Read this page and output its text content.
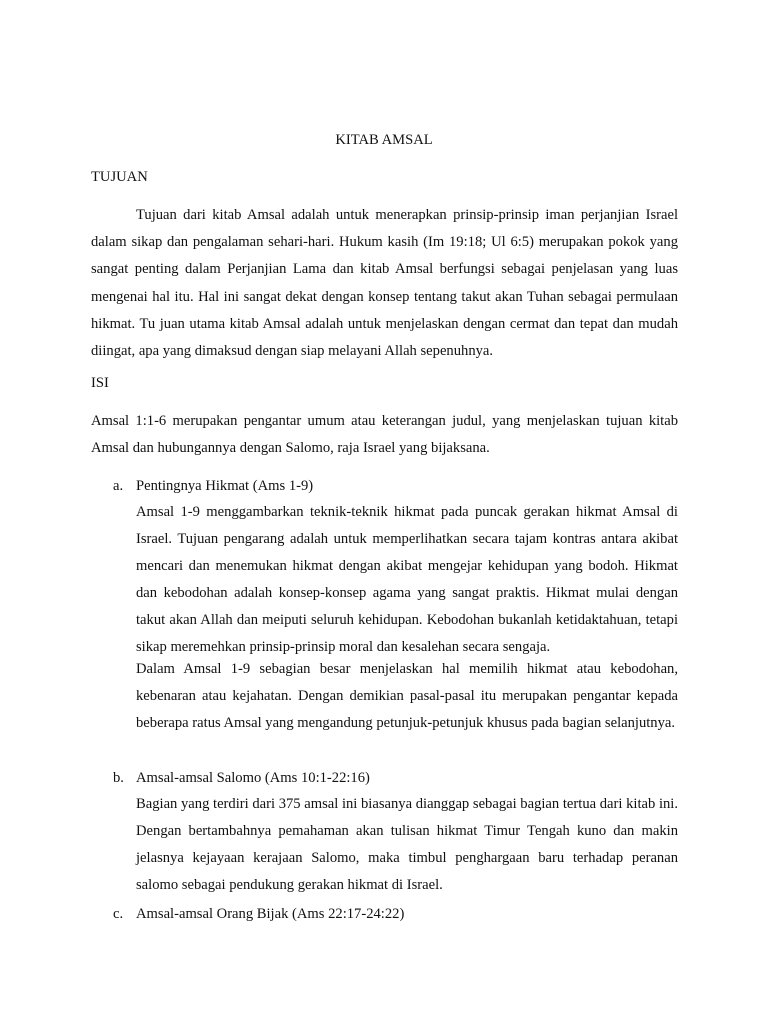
KITAB AMSAL
TUJUAN

Tujuan dari kitab Amsal adalah untuk menerapkan prinsip-prinsip iman perjanjian Israel dalam sikap dan pengalaman sehari-hari. Hukum kasih (Im 19:18; Ul 6:5) merupakan pokok yang sangat penting dalam Perjanjian Lama dan kitab Amsal berfungsi sebagai penjelasan yang luas mengenai hal itu. Hal ini sangat dekat dengan konsep tentang takut akan Tuhan sebagai permulaan hikmat. Tu juan utama kitab Amsal adalah untuk menjelaskan dengan cermat dan tepat dan mudah diingat, apa yang dimaksud dengan siap melayani Allah sepenuhnya.

ISI

Amsal 1:1-6 merupakan pengantar umum atau keterangan judul, yang menjelaskan tujuan kitab Amsal dan hubungannya dengan Salomo, raja Israel yang bijaksana.

a. Pentingnya Hikmat (Ams 1-9)

Amsal 1-9 menggambarkan teknik-teknik hikmat pada puncak gerakan hikmat Amsal di Israel. Tujuan pengarang adalah untuk memperlihatkan secara tajam kontras antara akibat mencari dan menemukan hikmat dengan akibat mengejar kehidupan yang bodoh. Hikmat dan kebodohan adalah konsep-konsep agama yang sangat praktis. Hikmat mulai dengan takut akan Allah dan meiputi seluruh kehidupan. Kebodohan bukanlah ketidaktahuan, tetapi sikap meremehkan prinsip-prinsip moral dan kesalehan secara sengaja.

Dalam Amsal 1-9 sebagian besar menjelaskan hal memilih hikmat atau kebodohan, kebenaran atau kejahatan. Dengan demikian pasal-pasal itu merupakan pengantar kepada beberapa ratus Amsal yang mengandung petunjuk-petunjuk khusus pada bagian selanjutnya.

b. Amsal-amsal Salomo (Ams 10:1-22:16)

Bagian yang terdiri dari 375 amsal ini biasanya dianggap sebagai bagian tertua dari kitab ini. Dengan bertambahnya pemahaman akan tulisan hikmat Timur Tengah kuno dan makin jelasnya kejayaan kerajaan Salomo, maka timbul penghargaan baru terhadap peranan salomo sebagai pendukung gerakan hikmat di Israel.

c. Amsal-amsal Orang Bijak (Ams 22:17-24:22)
